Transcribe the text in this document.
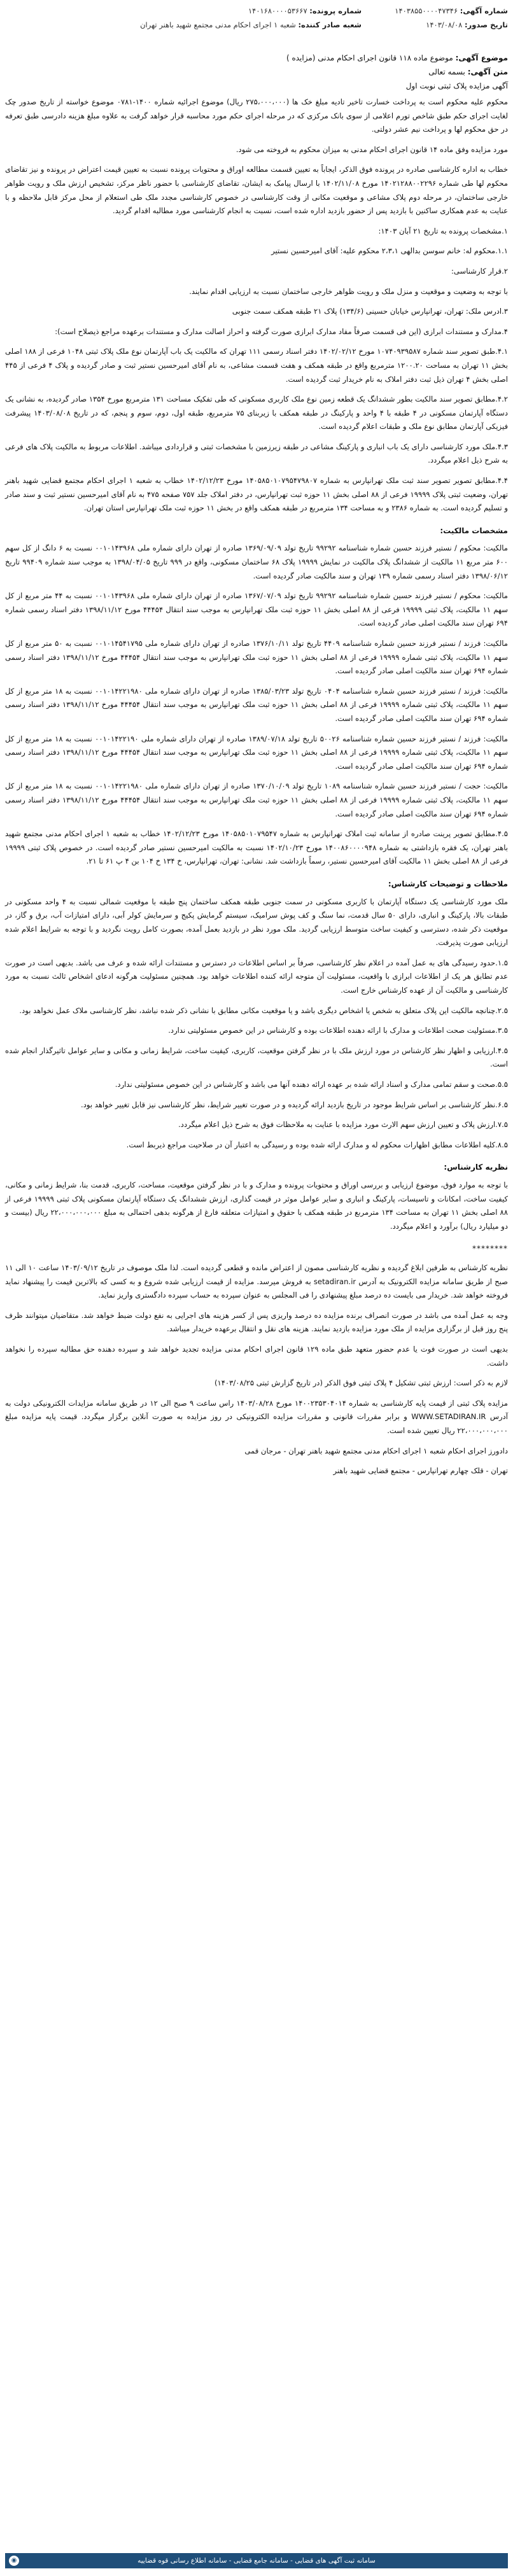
شماره آگهی: ۱۴۰۳۸۵۵۰۰۰۰۴۷۳۴۶
شماره پرونده: ۱۴۰۱۶۸۰۰۰۰۵۳۶۶۷
تاریخ صدور: ۱۴۰۳/۰۸/۰۸
شعبه صادر کننده: شعبه ۱ اجرای احکام مدنی مجتمع شهید باهنر تهران
موضوع آگهی: موضوع ماده ۱۱۸ قانون اجرای احکام مدنی (مزایده )
متن آگهی: بسمه تعالی
آگهی مزایده پلاک ثبتی نوبت اول

محکوم علیه محکوم است به پرداخت خسارت تاخیر تادیه مبلغ خک ها (۲۷۵،۰۰۰،۰۰۰ ریال) موضوع اجرائیه شماره ۱۴۰۰-۰۷۸۱ موضوع خواسته از تاریخ صدور چک لغایت اجرای حکم طبق شاخص تورم اعلامی از سوی بانک مرکزی که در مرحله اجرای حکم مورد محاسبه قرار خواهد گرفت به علاوه مبلغ هزینه دادرسی طبق تعرفه در حق محکوم لها و پرداخت نیم عشر دولتی.

مورد مزایده وفق ماده ۱۴ قانون اجرای احکام مدنی به میزان محکوم به فروخته می شود.

خطاب به اداره کارشناسی صادره در پرونده فوق الذکر، ایجاباً به تعیین قسمت مطالعه اوراق و محتویات پرونده نسبت به تعیین قیمت اعتراض در پرونده و نیز تقاضای محکوم لها طی شماره ۱۴۰۲۱۲۸۸۰۰۲۲۹۶ مورخ ۱۴۰۲/۱۱/۰۸ با ارسال پیامک به ایشان، تقاضای کارشناسی با حضور ناظر مرکز، تشخیص ارزش ملک و رویت ظواهر خارجی ساختمان، در مرحله دوم پلاک مشاعی و موقعیت مکانی از وقت کارشناسی در خصوص کارشناسی مجدد ملک طی استعلام از محل مرکز قابل ملاحظه و با عنایت به عدم همکاری ساکنین با بازدید پس از حضور بازدید اداره شده است، نسبت به انجام کارشناسی مورد مطالبه اقدام گردید.

۱.مشخصات پرونده به تاریخ ۲۱ آبان ۱۴۰۳:

۱.۱.محکوم له: خانم سوسن بدالهی ۲،۳،۱ محکوم علیه: آقای امیرحسین نستیر

۲.قرار کارشناسی:

با توجه به وضعیت و موقعیت و منزل ملک و رویت ظواهر خارجی ساختمان نسبت به ارزیابی اقدام نمایند.

۳.ادرس ملک: تهران، تهرانپارس خیابان حسینی (۱۳۴/۶) پلاک ۲۱ طبقه همکف سمت جنوبی

۴.مدارک و مستندات ابرازی (این فی قسمت صرفاً مفاد مدارک ابرازی صورت گرفته و احراز اصالت مدارک و مستندات برعهده مراجع ذیصلاح است):

۴.۱.طبق تصویر سند شماره ۱۰۷۴۰۹۳۹۵۸۷ مورخ ۱۴۰۲/۰۲/۱۲ دفتر اسناد رسمی ۱۱۱ تهران که مالکیت یک باب آپارتمان نوع ملک پلاک ثبتی ۱۰۴۸ فرعی از ۱۸۸ اصلی بخش ۱۱ تهران به مساحت ۱۲۰۰.۲۰ مترمربع واقع در طبقه همکف و هفت قسمت مشاعی، به نام آقای امیرحسین نستیر ثبت و صادر گردیده و پلاک ۴ فرعی از ۴۴۵ اصلی بخش ۴ تهران ذیل ثبت دفتر املاک به نام خریدار ثبت گردیده است.

۴.۲.مطابق تصویر سند مالکیت بطور ششدانگ یک قطعه زمین نوع ملک کاربری مسکونی که طی تفکیک مساحت ۱۳۱ مترمربع مورخ ۱۳۵۴ صادر گردیده، به نشانی یک دستگاه آپارتمان مسکونی در ۴ طبقه با ۴ واحد و پارکینگ در طبقه همکف با زیربنای ۷۵ مترمربع، طبقه اول، دوم، سوم و پنجم، که در تاریخ ۱۴۰۳/۰۸/۰۸ پیشرفت فیزیکی آپارتمان مطابق نوع ملک و طبقات اعلام گردیده است.

۴.۳.ملک مورد کارشناسی دارای یک باب انباری و پارکینگ مشاعی در طبقه زیرزمین با مشخصات ثبتی و قراردادی میباشد. اطلاعات مربوط به مالکیت پلاک های فرعی به شرح ذیل اعلام میگردد.

۴.۴.مطابق تصویر تصویر سند ثبت ملک تهرانپارس به شماره ۱۴۰۵۸۵۰۱۰۷۹۵۴۷۹۸۰۷ مورخ ۱۴۰۲/۱۲/۲۳ خطاب به شعبه ۱ اجرای احکام مجتمع قضایی شهید باهنر تهران، وضعیت ثبتی پلاک ۱۹۹۹۹ فرعی از ۸۸ اصلی بخش ۱۱ حوزه ثبت تهرانپارس، در دفتر املاک جلد ۷۵۷ صفحه ۴۷۵ به نام آقای امیرحسین نستیر ثبت و سند صادر و تسلیم گردیده است. به شماره ۲۳۸۶ و به مساحت ۱۳۴ مترمربع در طبقه همکف واقع در بخش ۱۱ حوزه ثبت ملک تهرانپارس استان تهران.

مشخصات مالکیت:

مالکیت: محکوم / نستیر فرزند حسین شماره شناسنامه ۹۹۲۹۲ تاریخ تولد ۱۳۶۹/۰۹/۰۹ صادره از تهران دارای شماره ملی ۰۰۱۰۱۴۳۹۶۸ نسبت به ۶ دانگ از کل سهم ۶۰۰ متر مربع ۱۱ مالکیت از ششدانگ پلاک مالکیت در نمایش ۱۹۹۹۹ پلاک ۶۸ ساختمان مسکونی، واقع در ۹۹۹ تاریخ ۱۳۹۸/۰۴/۰۵ به موجب سند شماره ۹۹۴۰۹ تاریخ ۱۳۹۸/۰۶/۱۲ دفتر اسناد رسمی شماره ۱۳۹ تهران و سند مالکیت صادر گردیده است.

مالکیت: محکوم / نستیر فرزند حسین شماره شناسنامه ۹۹۲۹۲ تاریخ تولد ۱۳۶۷/۰۷/۰۹ صادره از تهران دارای شماره ملی ۰۰۱۰۱۴۳۹۶۸ نسبت به ۴۴ متر مربع از کل سهم ۱۱ مالکیت، پلاک ثبتی ۱۹۹۹۹ فرعی از ۸۸ اصلی بخش ۱۱ حوزه ثبت ملک تهرانپارس به موجب سند انتقال ۴۴۴۵۴ مورخ ۱۳۹۸/۱۱/۱۲ دفتر اسناد رسمی شماره ۶۹۴ تهران سند مالکیت اصلی صادر گردیده است.

مالکیت: فرزند / نستیر فرزند حسین شماره شناسنامه ۴۴۰۹ تاریخ تولد ۱۳۷۶/۱۰/۱۱ صادره از تهران دارای شماره ملی ۰۰۱۰۱۴۵۴۱۷۹۵ نسبت به ۵۰ متر مربع از کل سهم ۱۱ مالکیت، پلاک ثبتی شماره ۱۹۹۹۹ فرعی از ۸۸ اصلی بخش ۱۱ حوزه ثبت ملک تهرانپارس به موجب سند انتقال ۴۴۴۵۴ مورخ ۱۳۹۸/۱۱/۱۲ دفتر اسناد رسمی شماره ۶۹۴ تهران سند مالکیت اصلی صادر گردیده است.

مالکیت: فرزند / نستیر فرزند حسین شماره شناسنامه ۰۴۰۴ تاریخ تولد ۱۳۸۵/۰۳/۲۳ صادره از تهران دارای شماره ملی ۰۰۱۰۱۴۲۲۱۹۸۰ نسبت به ۱۸ متر مربع از کل سهم ۱۱ مالکیت، پلاک ثبتی شماره ۱۹۹۹۹ فرعی از ۸۸ اصلی بخش ۱۱ حوزه ثبت ملک تهرانپارس به موجب سند انتقال ۴۴۴۵۴ مورخ ۱۳۹۸/۱۱/۱۲ دفتر اسناد رسمی شماره ۶۹۴ تهران سند مالکیت اصلی صادر گردیده است.

مالکیت: فرزند / نستیر فرزند حسین شماره شناسنامه ۵۰۰۲۶ تاریخ تولد ۱۳۸۹/۰۷/۱۸ صادره از تهران دارای شماره ملی ۰۰۱۰۱۴۲۲۱۹۰ نسبت به ۱۸ متر مربع از کل سهم ۱۱ مالکیت، پلاک ثبتی شماره ۱۹۹۹۹ فرعی از ۸۸ اصلی بخش ۱۱ حوزه ثبت ملک تهرانپارس به موجب سند انتقال ۴۴۴۵۴ مورخ ۱۳۹۸/۱۱/۱۲ دفتر اسناد رسمی شماره ۶۹۴ تهران سند مالکیت اصلی صادر گردیده است.

مالکیت: حجت / نستیر فرزند حسین شماره شناسنامه ۱۰۸۹ تاریخ تولد ۱۳۷۰/۱۰/۰۹ صادره از تهران دارای شماره ملی ۰۰۱۰۱۴۲۲۱۹۸۰ نسبت به ۱۸ متر مربع از کل سهم ۱۱ مالکیت، پلاک ثبتی شماره ۱۹۹۹۹ فرعی از ۸۸ اصلی بخش ۱۱ حوزه ثبت ملک تهرانپارس به موجب سند انتقال ۴۴۴۵۴ مورخ ۱۳۹۸/۱۱/۱۲ دفتر اسناد رسمی شماره ۶۹۴ تهران سند مالکیت اصلی صادر گردیده است.

۴.۵.مطابق تصویر پرینت صادره از سامانه ثبت املاک تهرانپارس به شماره ۱۴۰۵۸۵۰۱۰۷۹۵۴۷ مورخ ۱۴۰۲/۱۲/۲۳ خطاب به شعبه ۱ اجرای احکام مدنی مجتمع شهید باهنر تهران، یک فقره بازداشتی به شماره ۱۴۰۰۸۶۰۰۰۰۹۴۸ مورخ ۱۴۰۲/۱۰/۲۳ نسبت به مالکیت امیرحسین نستیر صادر گردیده است. در خصوص پلاک ثبتی ۱۹۹۹۹ فرعی از ۸۸ اصلی بخش ۱۱ مالکیت آقای امیرحسین نستیر، رسماً بازداشت شد. نشانی: تهران، تهرانپارس، خ ۱۳۴ خ ۱۰۴ بن ۴ پ ۶۱ تا ۲۱.

ملاحظات و توضیحات کارشناس:

ملک مورد کارشناسی یک دستگاه آپارتمان با کاربری مسکونی در سمت جنوبی طبقه همکف ساختمان پنج طبقه با موقعیت شمالی نسبت به ۴ واحد مسکونی در طبقات بالا، پارکینگ و انباری، دارای ۵۰ سال قدمت، نما سنگ و کف پوش سرامیک، سیستم گرمایش پکیج و سرمایش کولر آبی، دارای امتیازات آب، برق و گاز، در موقعیت ذکر شده، دسترسی و کیفیت ساخت متوسط ارزیابی گردید. ملک مورد نظر در بازدید بعمل آمده، بصورت کامل رویت نگردید و با توجه به شرایط اعلام شده ارزیابی صورت پذیرفت.

۱.۵.حدود رسیدگی های به عمل آمده در اعلام نظر کارشناسی، صرفاً بر اساس اطلاعات در دسترس و مستندات ارائه شده و عرف می باشد. بدیهی است در صورت عدم تطابق هر یک از اطلاعات ابرازی با واقعیت، مسئولیت آن متوجه ارائه کننده اطلاعات خواهد بود. همچنین مسئولیت هرگونه ادعای اشخاص ثالث نسبت به مورد کارشناسی و مالکیت آن از عهده کارشناس خارج است.

۲.۵.چنانچه مالکیت این پلاک متعلق به شخص یا اشخاص دیگری باشد و یا موقعیت مکانی مطابق با نشانی ذکر شده نباشد، نظر کارشناسی ملاک عمل نخواهد بود.

۳.۵.مسئولیت صحت اطلاعات و مدارک با ارائه دهنده اطلاعات بوده و کارشناس در این خصوص مسئولیتی ندارد.

۴.۵.ارزیابی و اظهار نظر کارشناس در مورد ارزش ملک با در نظر گرفتن موقعیت، کاربری، کیفیت ساخت، شرایط زمانی و مکانی و سایر عوامل تاثیرگذار انجام شده است.

۵.۵.صحت و سقم تمامی مدارک و اسناد ارائه شده بر عهده ارائه دهنده آنها می باشد و کارشناس در این خصوص مسئولیتی ندارد.

۶.۵.نظر کارشناسی بر اساس شرایط موجود در تاریخ بازدید ارائه گردیده و در صورت تغییر شرایط، نظر کارشناسی نیز قابل تغییر خواهد بود.

۷.۵.ارزش پلاک و تعیین ارزش سهم الارث مورد مزایده با عنایت به ملاحظات فوق به شرح ذیل اعلام میگردد.

۸.۵.کلیه اطلاعات مطابق اظهارات محکوم له و مدارک ارائه شده بوده و رسیدگی به اعتبار آن در صلاحیت مراجع ذیربط است.

نظریه کارشناس:

با توجه به موارد فوق، موضوع ارزیابی و بررسی اوراق و محتویات پرونده و مدارک و با در نظر گرفتن موقعیت، مساحت، کاربری، قدمت بنا، شرایط زمانی و مکانی، کیفیت ساخت، امکانات و تاسیسات، پارکینگ و انباری و سایر عوامل موثر در قیمت گذاری، ارزش ششدانگ یک دستگاه آپارتمان مسکونی پلاک ثبتی ۱۹۹۹۹ فرعی از ۸۸ اصلی بخش ۱۱ تهران به مساحت ۱۳۴ مترمربع در طبقه همکف با حقوق و امتیازات متعلقه فارغ از هرگونه بدهی احتمالی به مبلغ ۲۲،۰۰۰،۰۰۰،۰۰۰ ریال (بیست و دو میلیارد ریال) برآورد و اعلام میگردد.

********

نظریه کارشناس به طرفین ابلاغ گردیده و نظریه کارشناسی مصون از اعتراض مانده و قطعی گردیده است. لذا ملک موصوف در تاریخ ۱۴۰۳/۰۹/۱۲ ساعت ۱۰ الی ۱۱ صبح از طریق سامانه مزایده الکترونیک به آدرس setadiran.ir به فروش میرسد. مزایده از قیمت ارزیابی شده شروع و به کسی که بالاترین قیمت را پیشنهاد نماید فروخته خواهد شد. خریدار می بایست ده درصد مبلغ پیشنهادی را فی المجلس به عنوان سپرده به حساب سپرده دادگستری واریز نماید.

وجه به عمل آمده می باشد در صورت انصراف برنده مزایده ده درصد واریزی پس از کسر هزینه های اجرایی به نفع دولت ضبط خواهد شد. متقاضیان میتوانند ظرف پنج روز قبل از برگزاری مزایده از ملک مورد مزایده بازدید نمایند. هزینه های نقل و انتقال برعهده خریدار میباشد.

بدیهی است در صورت فوت یا عدم حضور متعهد طبق ماده ۱۲۹ قانون اجرای احکام مدنی مزایده تجدید خواهد شد و سپرده دهنده حق مطالبه سپرده را نخواهد داشت.

لازم به ذکر است: ارزش ثبتی تشکیل ۴ پلاک ثبتی فوق الذکر (در تاریخ گزارش ثبتی ۱۴۰۳/۰۸/۲۵)

مزایده پلاک ثبتی از قیمت پایه کارشناسی به شماره ۱۴۰۰۲۳۵۳۰۴۰۱۴ مورخ ۱۴۰۳/۰۸/۲۸ راس ساعت ۹ صبح الی ۱۲ در طریق سامانه مزایدات الکترونیکی دولت به آدرس WWW.SETADIRAN.IR و برابر مقررات قانونی و مقررات مزایده الکترونیکی در روز مزایده به صورت آنلاین برگزار میگردد. قیمت پایه مزایده مبلغ ۲۲،۰۰۰،۰۰۰،۰۰۰ ریال تعیین شده است.

دادورز اجرای احکام شعبه ۱ اجرای احکام مدنی مجتمع شهید باهنر تهران - مرجان قمی

تهران - قلک چهارم تهرانپارس - مجتمع قضایی شهید باهنر

◉	سامانه ثبت آگهی های قضایی - سامانه جامع قضایی - سامانه اطلاع رسانی قوه قضاییه
